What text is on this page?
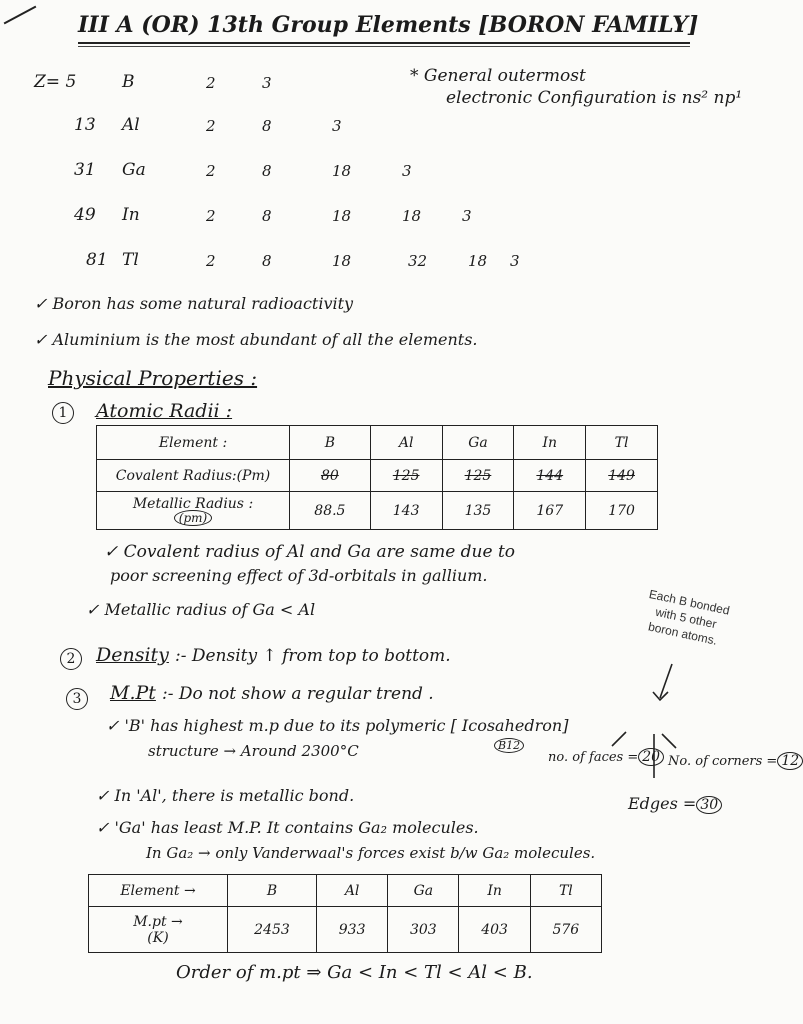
III A (OR) 13th Group Elements [BORON FAMILY]
Z= 5	B	2	3
13 Al	2	8	3
31 Ga	2	8	18	3
49 In	2	8	18	18	3
81 Tl	2	8	18	32	18 3
* General outermost
electronic Configuration is ns² np¹
✓ Boron has some natural radioactivity
✓ Aluminium is the most abundant of all the elements.
Physical Properties :
1	Atomic Radii :
Element :	B	Al	Ga	In	Tl
Covalent Radius:(Pm)	80	125	125	144	149
Metallic Radius :
(pm)	88.5	143	135	167	170
✓ Covalent radius of Al and Ga are same due to
poor screening effect of 3d-orbitals in gallium.
✓ Metallic radius of Ga < Al	Each B bonded with 5 other boron atoms.
2	Density :- Density ↑ from top to bottom.
3	M.Pt :- Do not show a regular trend .
✓ 'B' has highest m.p due to its polymeric [ Icosahedron]
structure → Around 2300°C	B12
no. of faces = 20 No. of corners = 12
Edges = 30
✓ In 'Al', there is metallic bond.
✓ 'Ga' has least M.P. It contains Ga₂ molecules.
In Ga₂ → only Vanderwaal's forces exist b/w Ga₂ molecules.
Element →	B	Al	Ga	In	Tl
M.pt →
(K)	2453	933	303	403	576
Order of m.pt ⇒ Ga < In < Tl < Al < B.
